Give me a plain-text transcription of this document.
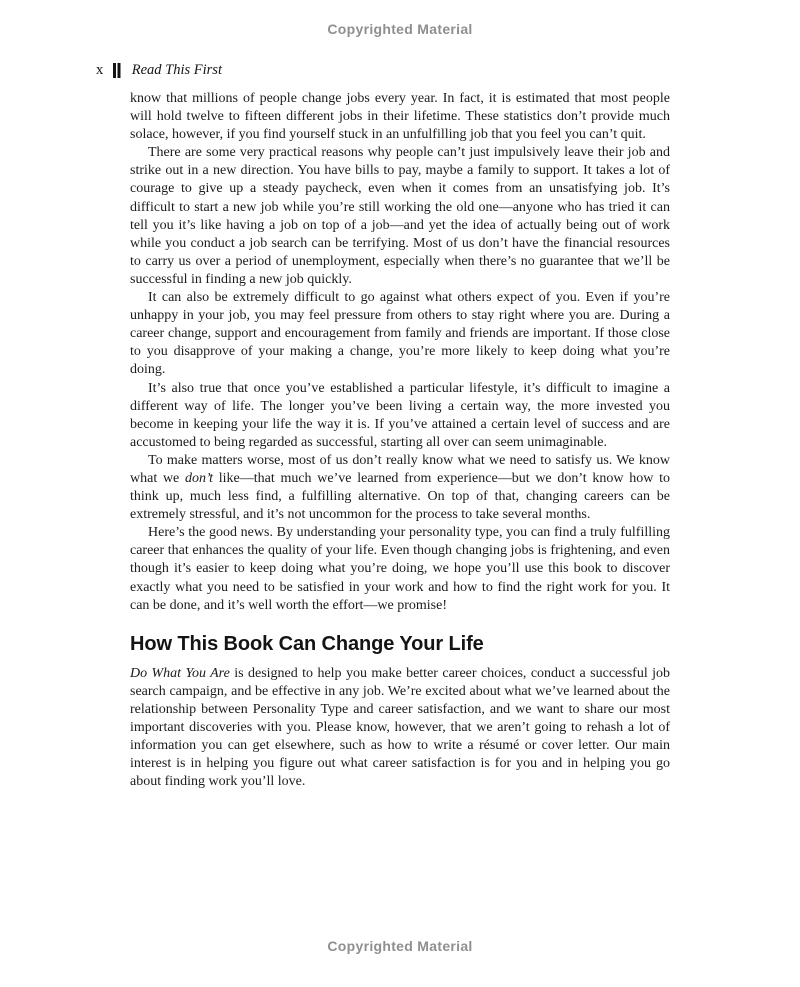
Copyrighted Material
x Read This First

know that millions of people change jobs every year. In fact, it is estimated that most people will hold twelve to fifteen different jobs in their lifetime. These statistics don’t provide much solace, however, if you find yourself stuck in an unfulfilling job that you feel you can’t quit.

There are some very practical reasons why people can’t just impulsively leave their job and strike out in a new direction. You have bills to pay, maybe a family to support. It takes a lot of courage to give up a steady paycheck, even when it comes from an unsatisfying job. It’s difficult to start a new job while you’re still working the old one—anyone who has tried it can tell you it’s like having a job on top of a job—and yet the idea of actually being out of work while you conduct a job search can be terrifying. Most of us don’t have the financial resources to carry us over a period of unemployment, especially when there’s no guarantee that we’ll be successful in finding a new job quickly.

It can also be extremely difficult to go against what others expect of you. Even if you’re unhappy in your job, you may feel pressure from others to stay right where you are. During a career change, support and encouragement from family and friends are important. If those close to you disapprove of your making a change, you’re more likely to keep doing what you’re doing.

It’s also true that once you’ve established a particular lifestyle, it’s difficult to imagine a different way of life. The longer you’ve been living a certain way, the more invested you become in keeping your life the way it is. If you’ve attained a certain level of success and are accustomed to being regarded as successful, starting all over can seem unimaginable.

To make matters worse, most of us don’t really know what we need to satisfy us. We know what we don’t like—that much we’ve learned from experience—but we don’t know how to think up, much less find, a fulfilling alternative. On top of that, changing careers can be extremely stressful, and it’s not uncommon for the process to take several months.

Here’s the good news. By understanding your personality type, you can find a truly fulfilling career that enhances the quality of your life. Even though changing jobs is frightening, and even though it’s easier to keep doing what you’re doing, we hope you’ll use this book to discover exactly what you need to be satisfied in your work and how to find the right work for you. It can be done, and it’s well worth the effort—we promise!

How This Book Can Change Your Life

Do What You Are is designed to help you make better career choices, conduct a successful job search campaign, and be effective in any job. We’re excited about what we’ve learned about the relationship between Personality Type and career satisfaction, and we want to share our most important discoveries with you. Please know, however, that we aren’t going to rehash a lot of information you can get elsewhere, such as how to write a résumé or cover letter. Our main interest is in helping you figure out what career satisfaction is for you and in helping you go about finding work you’ll love.

Copyrighted Material
